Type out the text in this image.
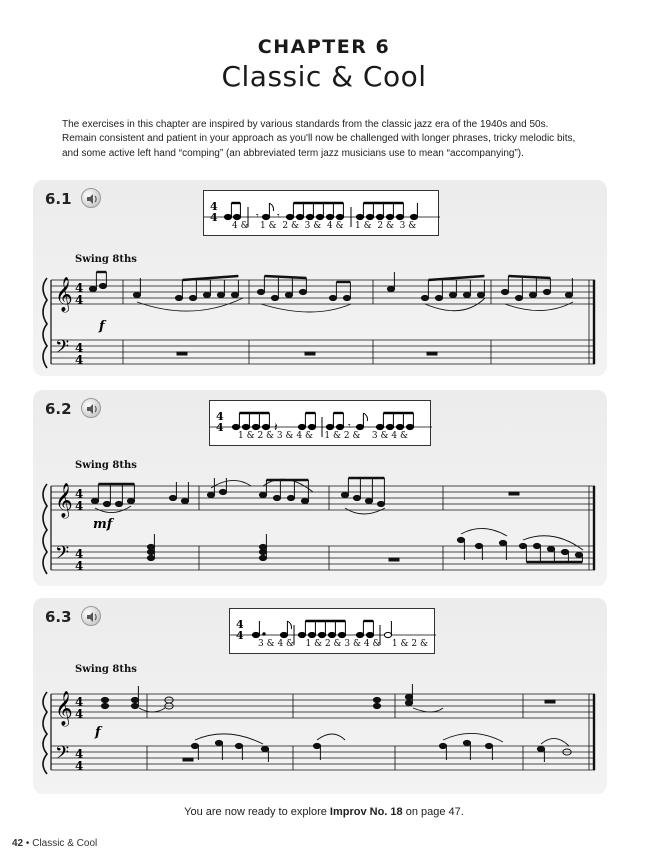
CHAPTER 6
Classic & Cool
The exercises in this chapter are inspired by various standards from the classic jazz era of the 1940s and 50s. Remain consistent and patient in your approach as you'll now be challenged with longer phrases, tricky melodic bits, and some active left hand “comping” (an abbreviated term jazz musicians use to mean “accompanying”).
6.1	4
4	𝄾 𝄾
4 &    1 &  2 &  3 &  4 &    1 &  2 &  3 &
Swing 8ths
𝄞
𝄢
4
4
4
4
f
6.2	4
4	𝄽	𝄾
1 & 2 & 3 & 4 &    1 & 2 &    3 & 4 &
Swing 8ths
𝄞
𝄢
4
4
4
4
mf
6.3	4
4
3 & 4 &    1 & 2 & 3 & 4 &    1 & 2 &
Swing 8ths
𝄞
𝄢
4
4
4
4
f
You are now ready to explore Improv No. 18 on page 47.
42 • Classic & Cool
